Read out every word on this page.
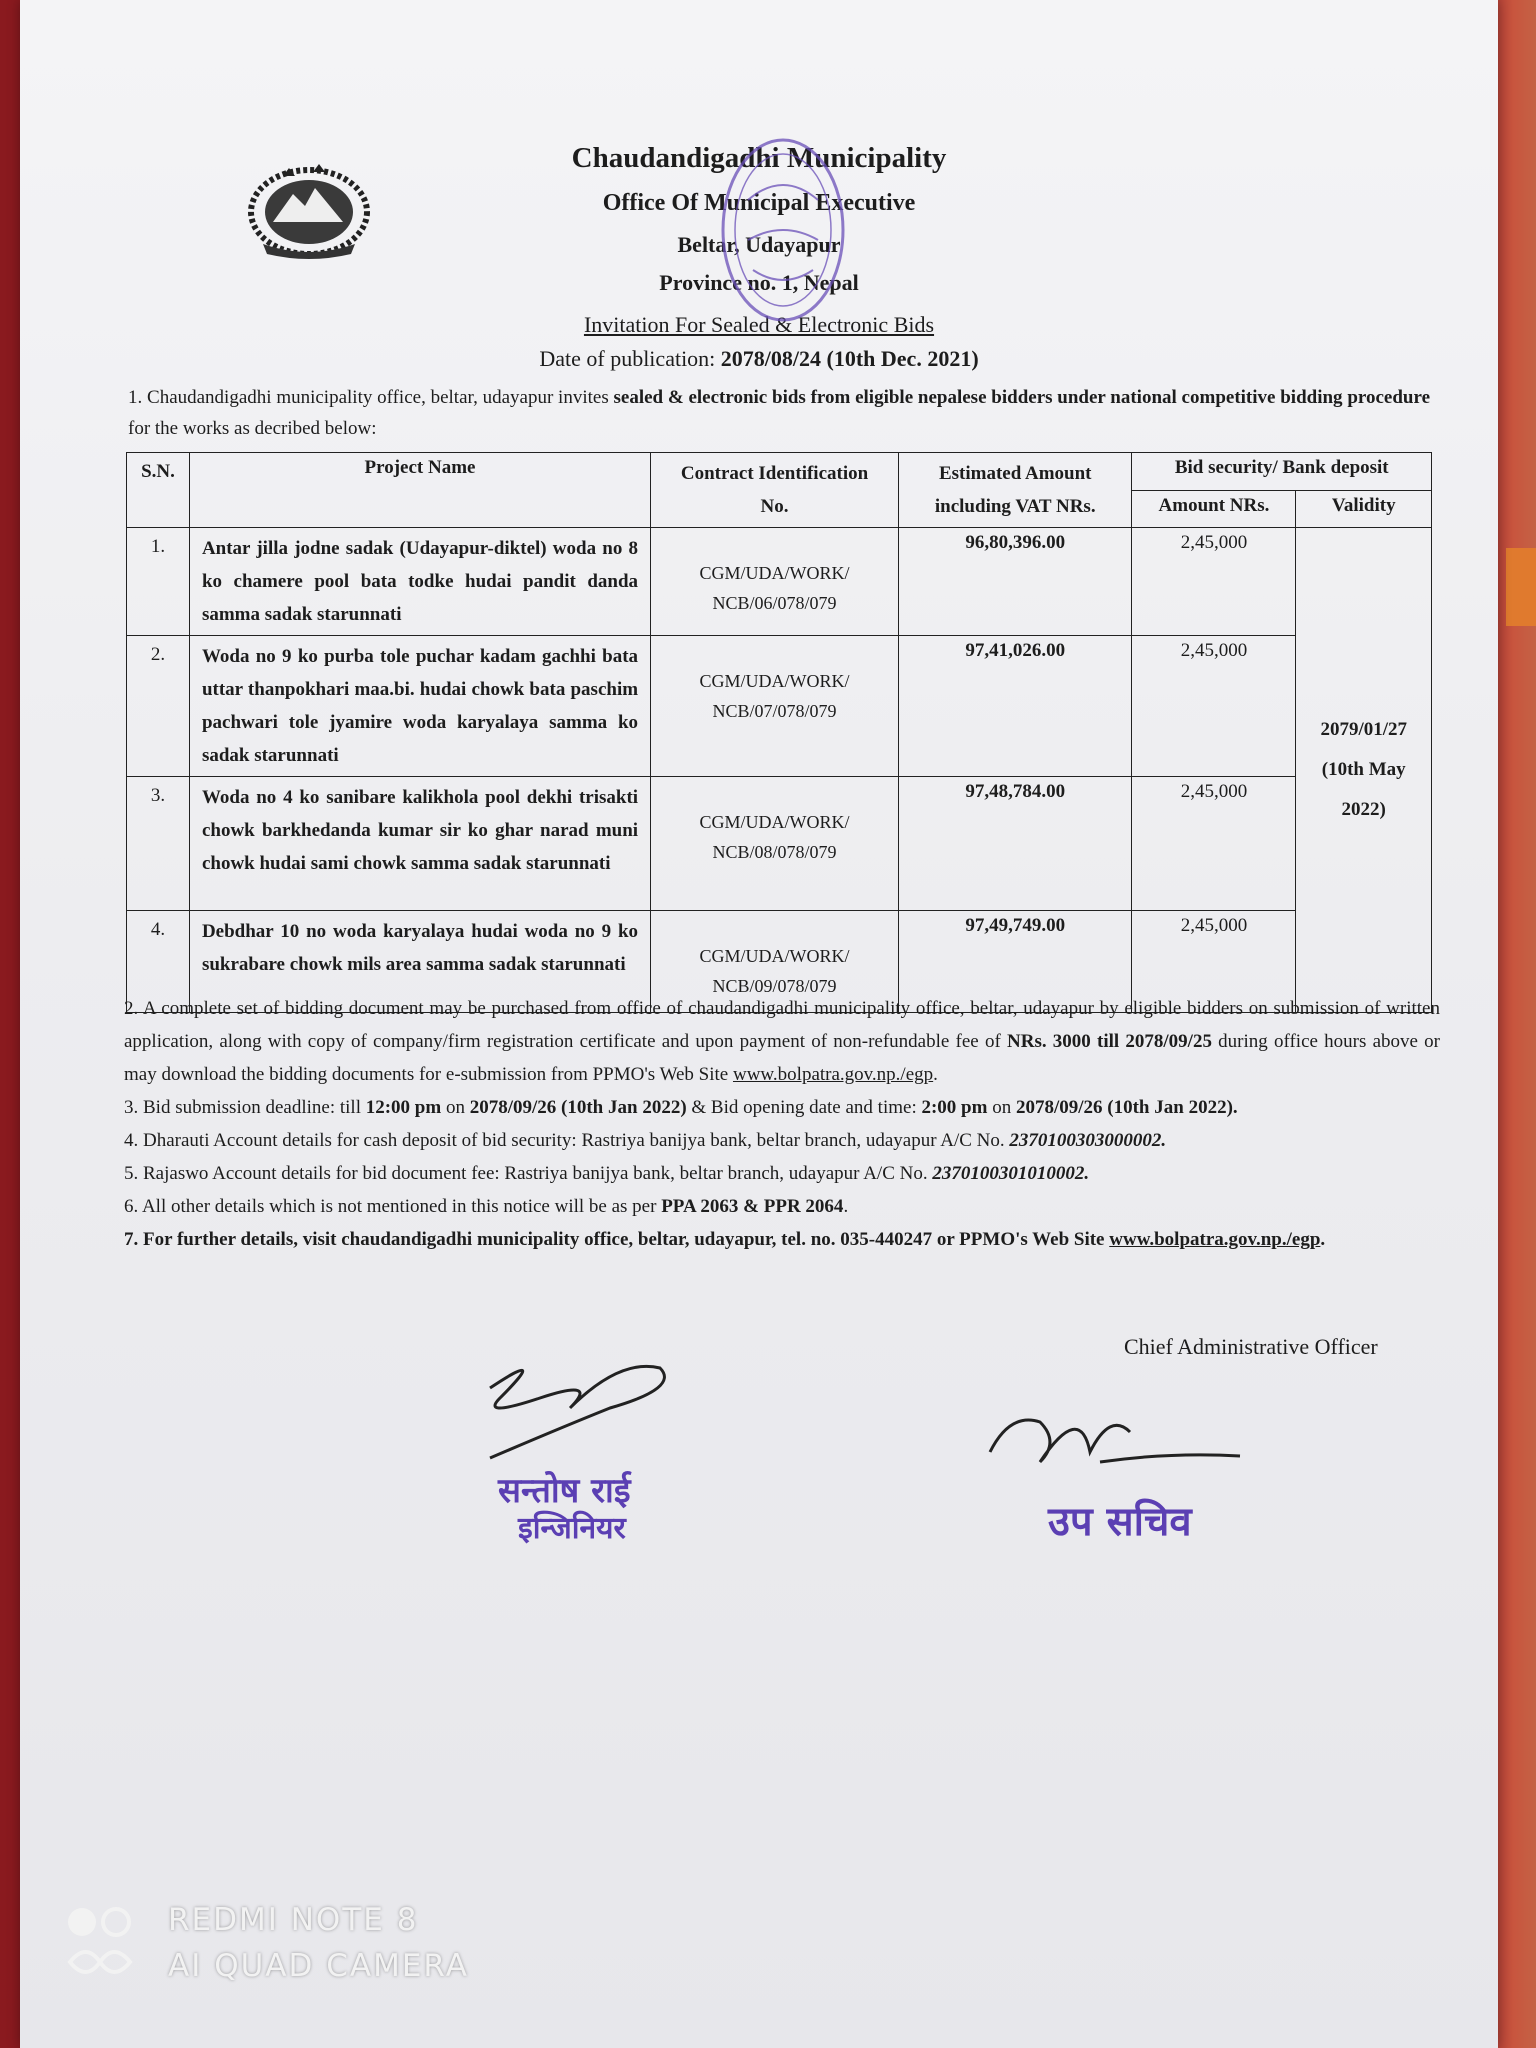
Chaudandigadhi Municipality
Office Of Municipal Executive
Beltar, Udayapur
Province no. 1, Nepal
Invitation For Sealed & Electronic Bids
Date of publication: 2078/08/24 (10th Dec. 2021)
1. Chaudandigadhi municipality office, beltar, udayapur invites sealed & electronic bids from eligible nepalese bidders under national competitive bidding procedure for the works as decribed below:
S.N.	Project Name	Contract Identification No.	Estimated Amount including VAT NRs.	Bid security/ Bank deposit	
				Amount NRs.	Validity
1.	Antar jilla jodne sadak (Udayapur-diktel) woda no 8 ko chamere pool bata todke hudai pandit danda samma sadak starunnati	CGM/UDA/WORK/ NCB/06/078/079	96,80,396.00	2,45,000	2079/01/27
(10th May
2022)

2.	Woda no 9 ko purba tole puchar kadam gachhi bata uttar thanpokhari maa.bi. hudai chowk bata paschim pachwari tole jyamire woda karyalaya samma ko sadak starunnati	CGM/UDA/WORK/ NCB/07/078/079	97,41,026.00	2,45,000	

3.	Woda no 4 ko sanibare kalikhola pool dekhi trisakti chowk barkhedanda kumar sir ko ghar narad muni chowk hudai sami chowk samma sadak starunnati	CGM/UDA/WORK/ NCB/08/078/079	97,48,784.00	2,45,000	

4.	Debdhar 10 no woda karyalaya hudai woda no 9 ko sukrabare chowk mils area samma sadak starunnati	CGM/UDA/WORK/ NCB/09/078/079	97,49,749.00	2,45,000	
2. A complete set of bidding document may be purchased from office of chaudandigadhi municipality office, beltar, udayapur by eligible bidders on submission of written application, along with copy of company/firm registration certificate and upon payment of non-refundable fee of NRs. 3000 till 2078/09/25 during office hours above or may download the bidding documents for e-submission from PPMO's Web Site www.bolpatra.gov.np./egp.
3. Bid submission deadline: till 12:00 pm on 2078/09/26 (10th Jan 2022) & Bid opening date and time: 2:00 pm on 2078/09/26 (10th Jan 2022).
4. Dharauti Account details for cash deposit of bid security: Rastriya banijya bank, beltar branch, udayapur A/C No. 2370100303000002.
5. Rajaswo Account details for bid document fee: Rastriya banijya bank, beltar branch, udayapur A/C No. 2370100301010002.
6. All other details which is not mentioned in this notice will be as per PPA 2063 & PPR 2064.
7. For further details, visit chaudandigadhi municipality office, beltar, udayapur, tel. no. 035-440247 or PPMO's Web Site www.bolpatra.gov.np./egp.
Chief Administrative Officer
सन्तोष राई
इन्जिनियर	उप सचिव
REDMI NOTE 8
AI QUAD CAMERA
